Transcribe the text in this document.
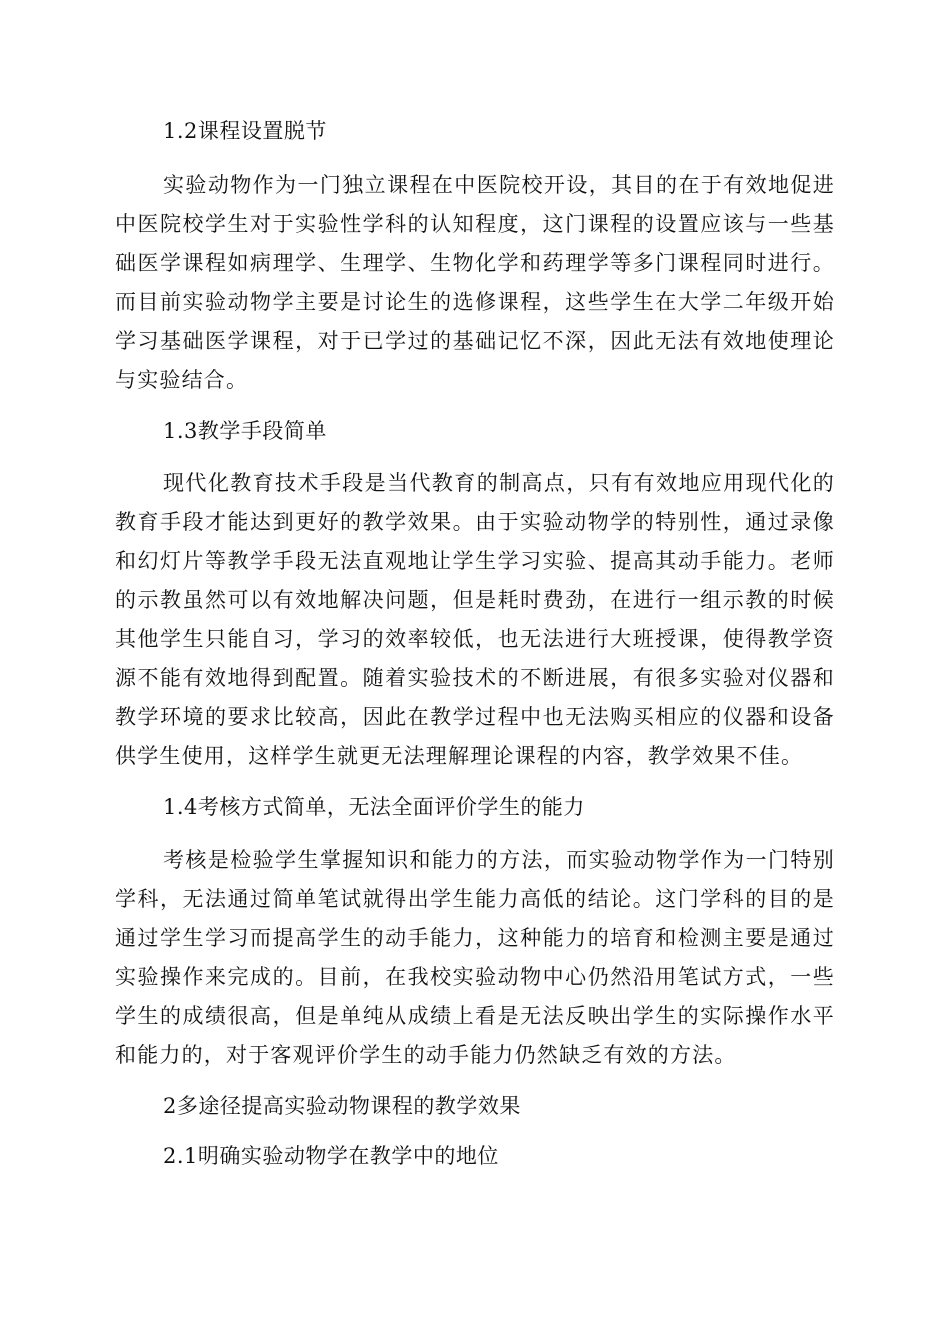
1.2课程设置脱节

实验动物作为一门独立课程在中医院校开设，其目的在于有效地促进中医院校学生对于实验性学科的认知程度，这门课程的设置应该与一些基础医学课程如病理学、生理学、生物化学和药理学等多门课程同时进行。而目前实验动物学主要是讨论生的选修课程，这些学生在大学二年级开始学习基础医学课程，对于已学过的基础记忆不深，因此无法有效地使理论与实验结合。

1.3教学手段简单

现代化教育技术手段是当代教育的制高点，只有有效地应用现代化的教育手段才能达到更好的教学效果。由于实验动物学的特别性，通过录像和幻灯片等教学手段无法直观地让学生学习实验、提高其动手能力。老师的示教虽然可以有效地解决问题，但是耗时费劲，在进行一组示教的时候其他学生只能自习，学习的效率较低，也无法进行大班授课，使得教学资源不能有效地得到配置。随着实验技术的不断进展，有很多实验对仪器和教学环境的要求比较高，因此在教学过程中也无法购买相应的仪器和设备供学生使用，这样学生就更无法理解理论课程的内容，教学效果不佳。

1.4考核方式简单，无法全面评价学生的能力

考核是检验学生掌握知识和能力的方法，而实验动物学作为一门特别学科，无法通过简单笔试就得出学生能力高低的结论。这门学科的目的是通过学生学习而提高学生的动手能力，这种能力的培育和检测主要是通过实验操作来完成的。目前，在我校实验动物中心仍然沿用笔试方式，一些学生的成绩很高，但是单纯从成绩上看是无法反映出学生的实际操作水平和能力的，对于客观评价学生的动手能力仍然缺乏有效的方法。

2多途径提高实验动物课程的教学效果
2.1明确实验动物学在教学中的地位
